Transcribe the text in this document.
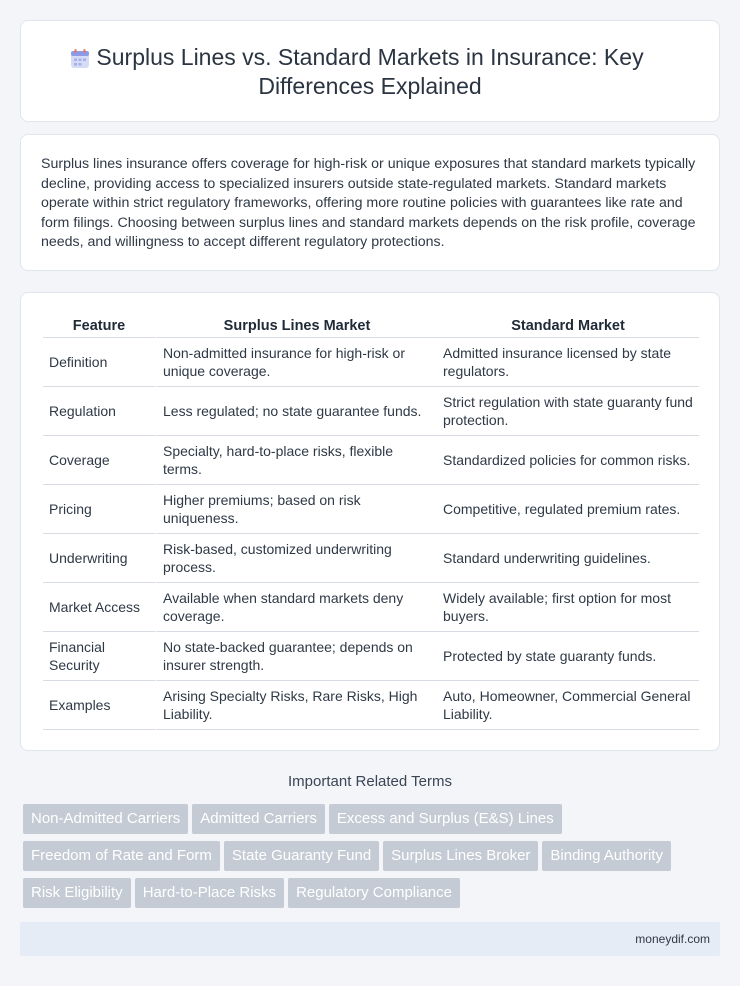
Surplus Lines vs. Standard Markets in Insurance: Key Differences Explained

Surplus lines insurance offers coverage for high-risk or unique exposures that standard markets typically decline, providing access to specialized insurers outside state-regulated markets. Standard markets operate within strict regulatory frameworks, offering more routine policies with guarantees like rate and form filings. Choosing between surplus lines and standard markets depends on the risk profile, coverage needs, and willingness to accept different regulatory protections.

Feature	Surplus Lines Market	Standard Market
Definition	Non-admitted insurance for high-risk or unique coverage.	Admitted insurance licensed by state regulators.
Regulation	Less regulated; no state guarantee funds.	Strict regulation with state guaranty fund protection.
Coverage	Specialty, hard-to-place risks, flexible terms.	Standardized policies for common risks.
Pricing	Higher premiums; based on risk uniqueness.	Competitive, regulated premium rates.
Underwriting	Risk-based, customized underwriting process.	Standard underwriting guidelines.
Market Access	Available when standard markets deny coverage.	Widely available; first option for most buyers.
Financial Security	No state-backed guarantee; depends on insurer strength.	Protected by state guaranty funds.
Examples	Arising Specialty Risks, Rare Risks, High Liability.	Auto, Homeowner, Commercial General Liability.
Important Related Terms
Non-Admitted Carriers Admitted Carriers Excess and Surplus (E&S) Lines
Freedom of Rate and Form State Guaranty Fund Surplus Lines Broker Binding Authority
Risk Eligibility Hard-to-Place Risks Regulatory Compliance
moneydif.com
